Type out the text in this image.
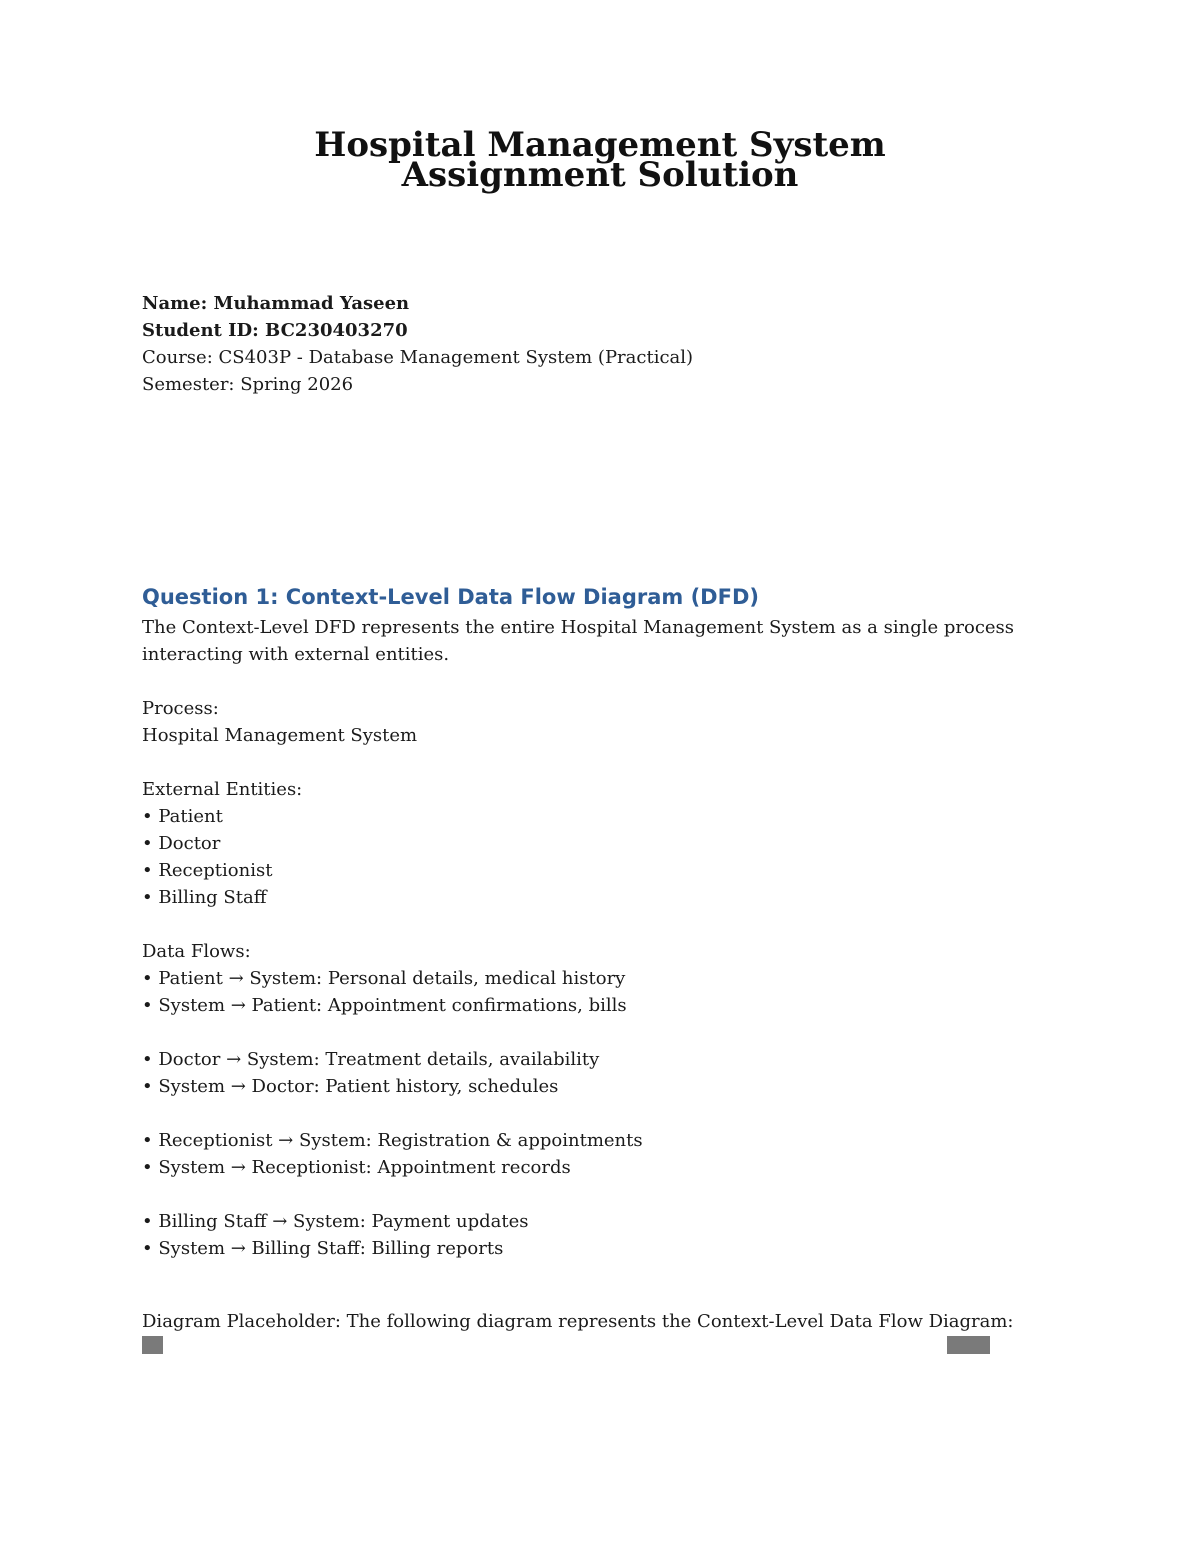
Hospital Management System

Assignment Solution

Name: Muhammad Yaseen

Student ID: BC230403270

Course: CS403P - Database Management System (Practical)

Semester: Spring 2026

Question 1: Context-Level Data Flow Diagram (DFD)

The Context-Level DFD represents the entire Hospital Management System as a single process interacting with external entities.

Process:

Hospital Management System

External Entities:

• Patient

• Doctor

• Receptionist

• Billing Staff

Data Flows:

• Patient → System: Personal details, medical history

• System → Patient: Appointment confirmations, bills

• Doctor → System: Treatment details, availability

• System → Doctor: Patient history, schedules

• Receptionist → System: Registration & appointments

• System → Receptionist: Appointment records

• Billing Staff → System: Payment updates

• System → Billing Staff: Billing reports

Diagram Placeholder: The following diagram represents the Context-Level Data Flow Diagram:
